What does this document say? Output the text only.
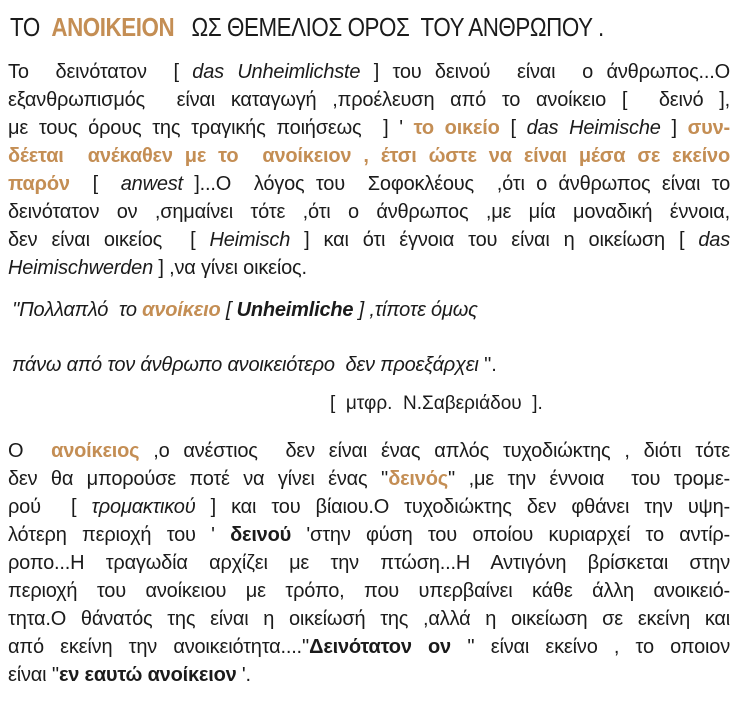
ΤΟ  ΑΝΟΙΚΕΙΟΝ   ΩΣ ΘΕΜΕΛΙΟΣ ΟΡΟΣ  ΤΟΥ ΑΝΘΡΩΠΟΥ .
Το  δεινότατον  [ das Unheimlichste ] του δεινού  είναι  ο άνθρωπος...Ο
εξανθρωπισμός  είναι καταγωγή ,προέλευση από το ανοίκειο [  δεινό ],
με τους όρους της τραγικής ποιήσεως  ] ' το οικείο [ das Heimische ] συν-
δέεται  ανέκαθεν με το  ανοίκειον , έτσι ώστε να είναι μέσα σε εκείνο
παρόν  [  anwest ]...Ο  λόγος του  Σοφοκλέους  ,ότι ο άνθρωπος είναι το
δεινότατον ον ,σημαίνει τότε ,ότι ο άνθρωπος ,με μία μοναδική έννοια,
δεν είναι οικείος  [ Heimisch ] και ότι έγνοια του είναι η οικείωση [ das
Heimischwerden ] ,να γίνει οικείος.
''Πολλαπλό  το ανοίκειο [ Unheimliche ] ,τίποτε όμως
πάνω από τον άνθρωπο ανοικειότερο  δεν προεξάρχει ''.
[  μτφρ.  Ν.Σαβεριάδου  ].
Ο  ανοίκειος ,ο ανέστιος  δεν είναι ένας απλός τυχοδιώκτης , διότι τότε
δεν θα μπορούσε ποτέ να γίνει ένας ''δεινός'' ,με την έννοια  του τρομε-
ρού  [ τρομακτικού ] και του βίαιου.Ο τυχοδιώκτης δεν φθάνει την υψη-
λότερη περιοχή του ' δεινού 'στην φύση του οποίου κυριαρχεί το αντίρ-
ροπο...Η τραγωδία αρχίζει με την πτώση...Η Αντιγόνη βρίσκεται στην
περιοχή του ανοίκειου με τρόπο, που υπερβαίνει κάθε άλλη ανοικειό-
τητα.Ο θάνατός της είναι η οικείωσή της ,αλλά η οικείωση σε εκείνη και
από εκείνη την ανοικειότητα....''Δεινότατον ον '' είναι εκείνο , το οποιον
είναι ''εν εαυτώ ανοίκειον '.
